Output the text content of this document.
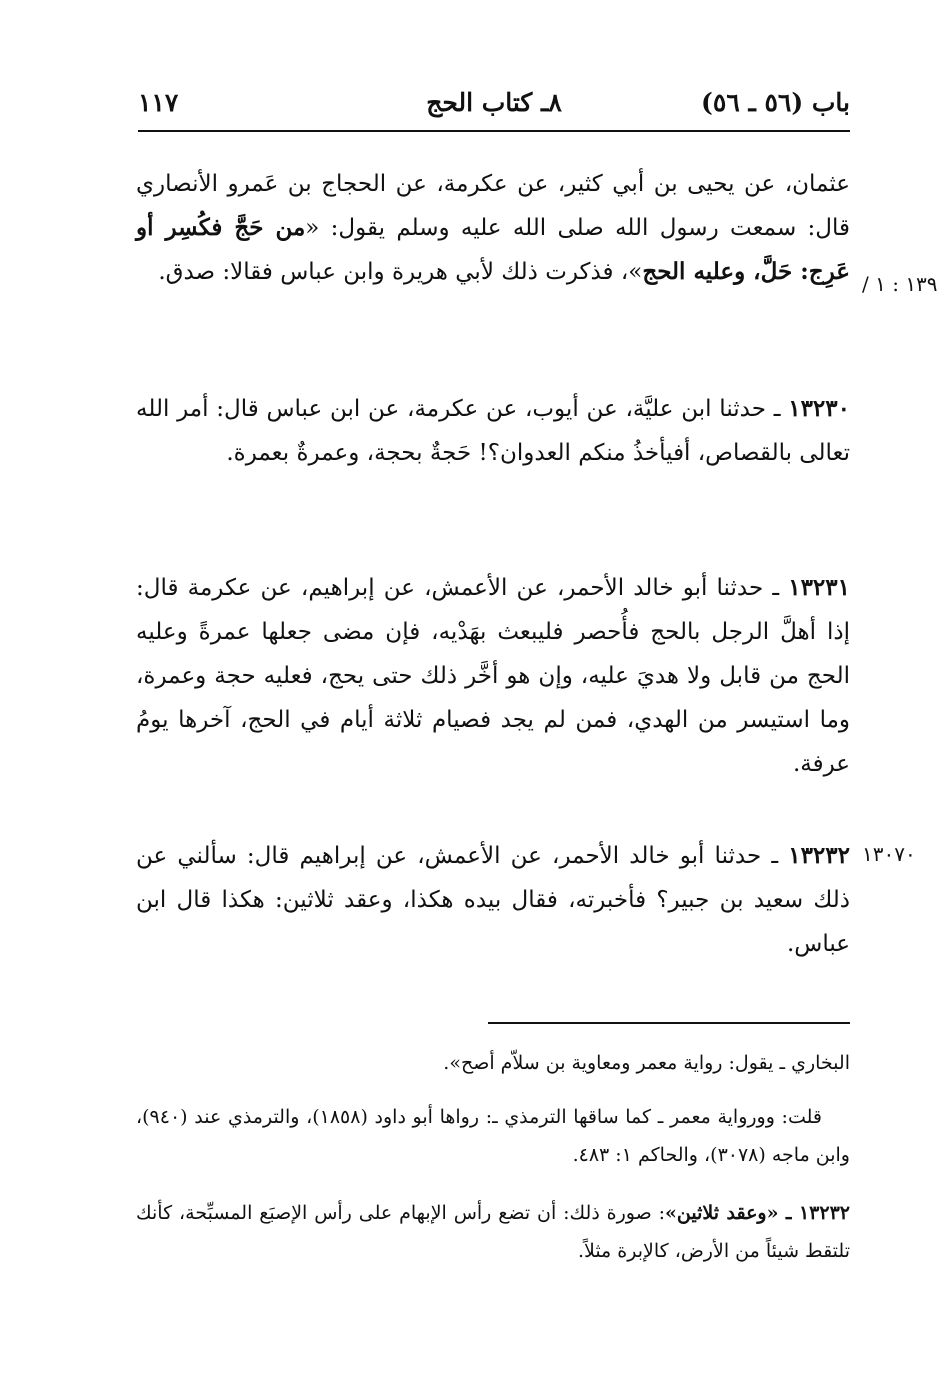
باب (٥٦ ـ ٥٦)
٨ـ كتاب الحج
١١٧
/ ١٣٩ : ١
١٣٠٧٠
عثمان، عن يحيى بن أبي كثير، عن عكرمة، عن الحجاج بن عَمرو الأنصاري قال: سمعت رسول الله صلى الله عليه وسلم يقول: «من حَجَّ فكُسِر أو عَرِج: حَلَّ، وعليه الحج»، فذكرت ذلك لأبي هريرة وابن عباس فقالا: صدق.
١٣٢٣٠ ـ حدثنا ابن عليَّة، عن أيوب، عن عكرمة، عن ابن عباس قال: أمر الله تعالى بالقصاص، أفيأخذُ منكم العدوان؟! حَجةٌ بحجة، وعمرةٌ بعمرة.
١٣٢٣١ ـ حدثنا أبو خالد الأحمر، عن الأعمش، عن إبراهيم، عن عكرمة قال: إذا أهلَّ الرجل بالحج فأُحصر فليبعث بهَدْيه، فإن مضى جعلها عمرةً وعليه الحج من قابل ولا هديَ عليه، وإن هو أخَّر ذلك حتى يحج، فعليه حجة وعمرة، وما استيسر من الهدي، فمن لم يجد فصيام ثلاثة أيام في الحج، آخرها يومُ عرفة.
١٣٢٣٢ ـ حدثنا أبو خالد الأحمر، عن الأعمش، عن إبراهيم قال: سألني عن ذلك سعيد بن جبير؟ فأخبرته، فقال بيده هكذا، وعقد ثلاثين: هكذا قال ابن عباس.
البخاري ـ يقول: رواية معمر ومعاوية بن سلاّم أصح».
قلت: وورواية معمر ـ كما ساقها الترمذي ـ: رواها أبو داود (١٨٥٨)، والترمذي عند (٩٤٠)، وابن ماجه (٣٠٧٨)، والحاكم ١: ٤٨٣.
١٣٢٣٢ ـ «وعقد ثلاثين»: صورة ذلك: أن تضع رأس الإبهام على رأس الإصبَع المسبِّحة، كأنك تلتقط شيئاً من الأرض، كالإبرة مثلاً.
